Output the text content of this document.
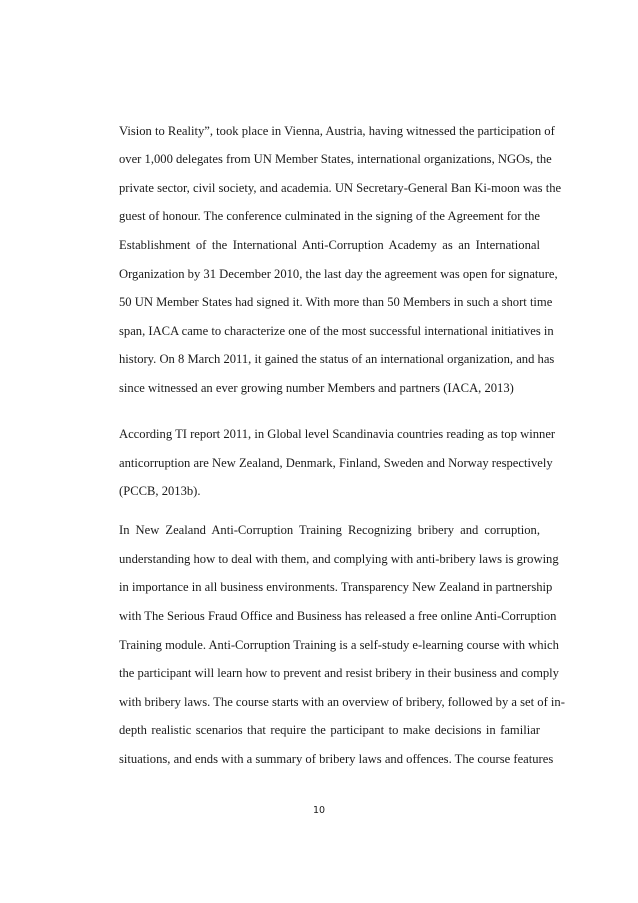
Vision to Reality”, took place in Vienna, Austria, having witnessed the participation of
over 1,000 delegates from UN Member States, international organizations, NGOs, the
private sector, civil society, and academia. UN Secretary-General Ban Ki-moon was the
guest of honour. The conference culminated in the signing of the Agreement for the
Establishment of the International Anti-Corruption Academy as an International
Organization by 31 December 2010, the last day the agreement was open for signature,
50 UN Member States had signed it. With more than 50 Members in such a short time
span, IACA came to characterize one of the most successful international initiatives in
history. On 8 March 2011, it gained the status of an international organization, and has
since witnessed an ever growing number Members and partners (IACA, 2013)
According TI report 2011, in Global level Scandinavia countries reading as top winner
anticorruption are New Zealand, Denmark, Finland, Sweden and Norway respectively
(PCCB, 2013b).
In New Zealand Anti-Corruption Training Recognizing bribery and corruption,
understanding how to deal with them, and complying with anti-bribery laws is growing
in importance in all business environments. Transparency New Zealand in partnership
with The Serious Fraud Office and Business has released a free online Anti-Corruption
Training module. Anti-Corruption Training is a self-study e-learning course with which
the participant will learn how to prevent and resist bribery in their business and comply
with bribery laws. The course starts with an overview of bribery, followed by a set of in-
depth realistic scenarios that require the participant to make decisions in familiar
situations, and ends with a summary of bribery laws and offences. The course features
10
